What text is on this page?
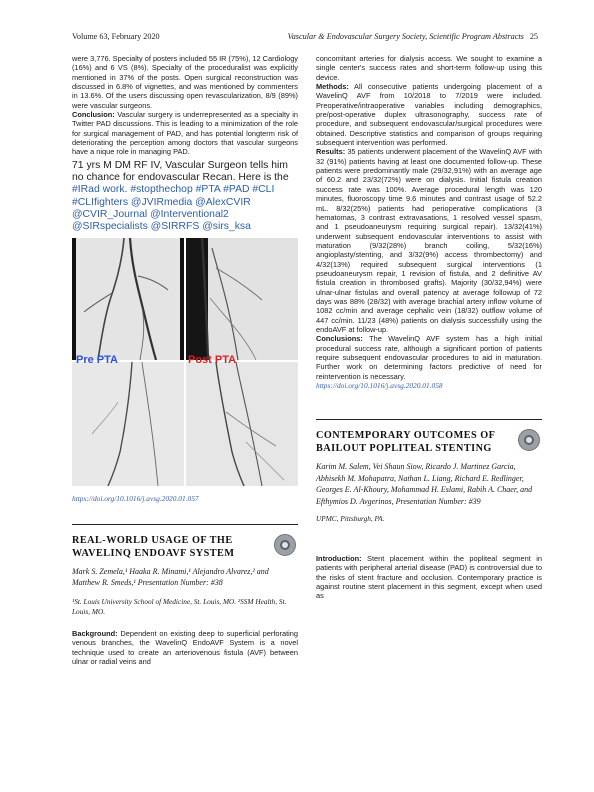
Volume 63, February 2020	Vascular & Endovascular Surgery Society, Scientific Program Abstracts 25

were 3,776. Specialty of posters included 55 IR (75%), 12 Cardiology (16%) and 6 VS (8%). Specialty of the proceduralist was explicitly mentioned in 37% of the posts. Open surgical reconstruction was discussed in 6.8% of vignettes, and was mentioned by commenters in 13.6%. Of the users discussing open revascularization, 8/9 (89%) were vascular surgeons.

Conclusion: Vascular surgery is underrepresented as a specialty in Twitter PAD discussions. This is leading to a minimization of the role for surgical management of PAD, and has potential longterm risk of deteriorating the perception among doctors that vascular surgeons have a nique role in managing PAD.

71 yrs M DM RF IV, Vascular Surgeon tells him no chance for endovascular Recan. Here is the #IRad work. #stopthechop #PTA #PAD #CLI
#CLIfighters @JVIRmedia @AlexCVIR
@CVIR_Journal @Interventional2
@SIRspecialists @SIRRFS @sirs_ksa
Pre PTA	Post PTA
https://doi.org/10.1016/j.avsg.2020.01.057
REAL-WORLD USAGE OF THE WAVELINQ ENDOAVF SYSTEM
Mark S. Zemela,¹ Haaka R. Minami,¹ Alejandro Alvarez,² and Matthew R. Smeds,¹ Presentation Number: #38
¹St. Louis University School of Medicine, St. Louis, MO. ²SSM Health, St. Louis, MO.

Background: Dependent on existing deep to superficial perforating venous branches, the WavelinQ EndoAVF System is a novel technique used to create an arteriovenous fistula (AVF) between ulnar or radial veins and

concomitant arteries for dialysis access. We sought to examine a single center's success rates and short-term follow-up using this device.

Methods: All consecutive patients undergoing placement of a WavelinQ AVF from 10/2018 to 7/2019 were included. Preoperative/intraoperative variables including demographics, pre/post-operative duplex ultrasonography, success rate of procedure, and subsequent endovascular/surgical procedures were obtained. Descriptive statistics and comparison of groups requiring subsequent intervention was performed.

Results: 35 patients underwent placement of the WavelinQ AVF with 32 (91%) patients having at least one documented follow-up. These patients were predominantly male (29/32,91%) with an average age of 60.2 and 23/32(72%) were on dialysis. Initial fistula creation success rate was 100%. Average procedural length was 120 minutes, fluoroscopy time 9.6 minutes and contrast usage of 52.2 mL. 8/32(25%) patients had perioperative complications (3 hematomas, 3 contrast extravasations, 1 resolved vessel spasm, and 1 pseudoaneurysm requiring surgical repair). 13/32(41%) underwent subsequent endovascular interventions to assist with maturation (9/32(28%) branch coiling, 5/32(16%) angioplasty/stenting, and 3/32(9%) access thrombectomy) and 4/32(13%) required subsequent surgical interventions (1 pseudoaneurysm repair, 1 revision of fistula, and 2 definitive AV fistula creation in thrombosed grafts). Majority (30/32,94%) were ulnar-ulnar fistulas and overall patency at average followup of 72 days was 88% (28/32) with average brachial artery inflow volume of 1082 cc/min and average cephalic vein (18/32) outflow volume of 447 cc/min. 11/23 (48%) patients on dialysis successfully using the endoAVF at follow-up.

Conclusions: The WavelinQ AVF system has a high initial procedural success rate, although a significant portion of patients require subsequent endovascular procedures to aid in maturation. Further work on determining factors predictive of need for reintervention is necessary.

https://doi.org/10.1016/j.avsg.2020.01.058
CONTEMPORARY OUTCOMES OF BAILOUT POPLITEAL STENTING
Karim M. Salem, Vei Shaun Siow, Ricardo J. Martinez Garcia, Abhisekh M. Mohapatra, Nathan L. Liang, Richard E. Redlinger, Georges E. Al-Khoury, Mohammad H. Eslami, Rabih A. Chaer, and Efthymios D. Avgerinos, Presentation Number: #39
UPMC, Pittsburgh, PA.

Introduction: Stent placement within the popliteal segment in patients with peripheral arterial disease (PAD) is controversial due to the risks of stent fracture and occlusion. Contemporary practice is against routine stent placement in this segment, except when used as
